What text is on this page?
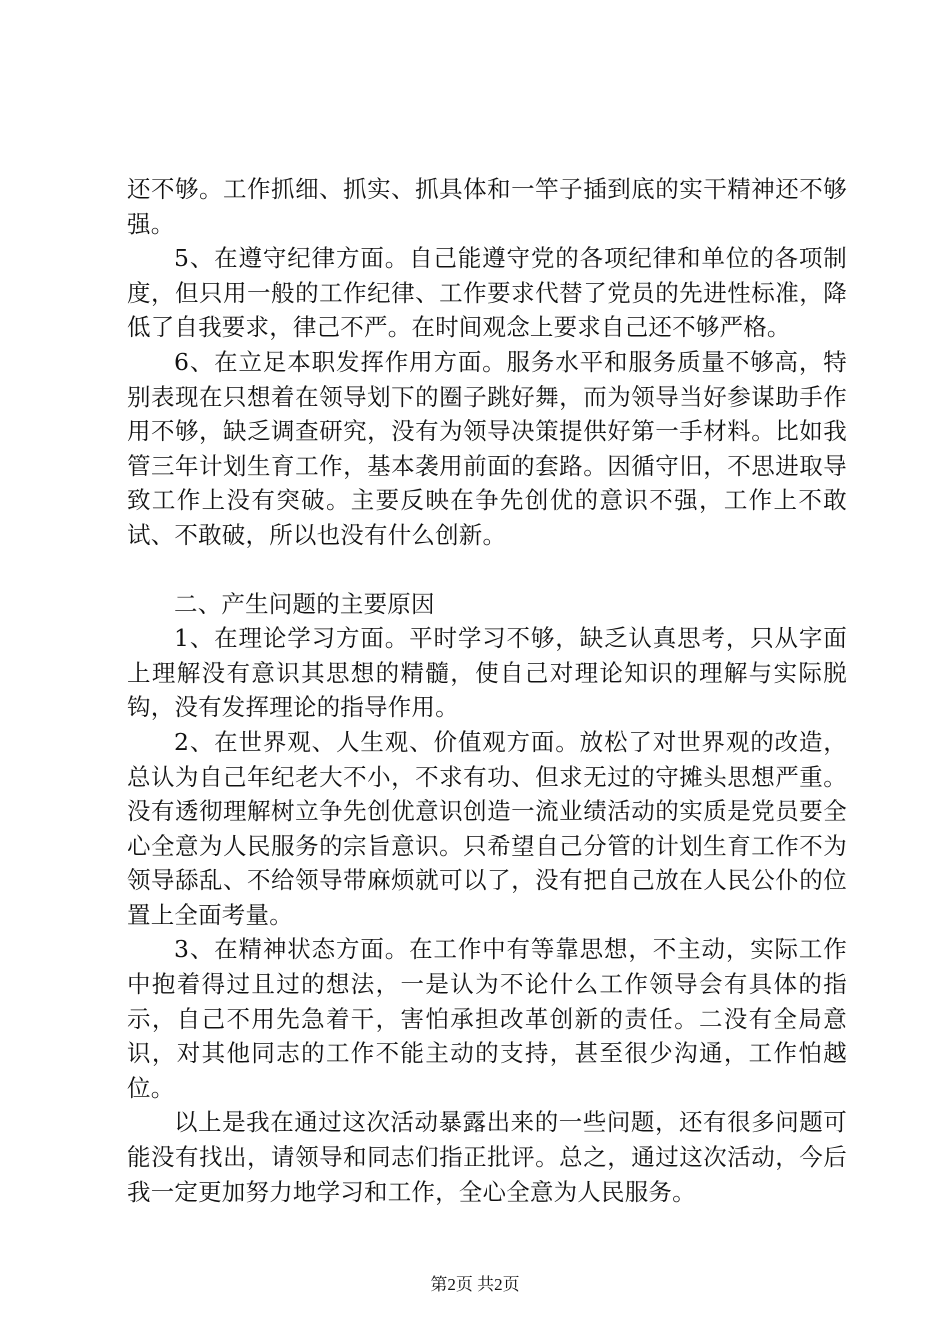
还不够。工作抓细、抓实、抓具体和一竿子插到底的实干精神还不够强。

5、在遵守纪律方面。自己能遵守党的各项纪律和单位的各项制度，但只用一般的工作纪律、工作要求代替了党员的先进性标准，降低了自我要求，律己不严。在时间观念上要求自己还不够严格。

6、在立足本职发挥作用方面。服务水平和服务质量不够高，特别表现在只想着在领导划下的圈子跳好舞，而为领导当好参谋助手作用不够，缺乏调查研究，没有为领导决策提供好第一手材料。比如我管三年计划生育工作，基本袭用前面的套路。因循守旧，不思进取导致工作上没有突破。主要反映在争先创优的意识不强，工作上不敢试、不敢破，所以也没有什么创新。

二、产生问题的主要原因

1、在理论学习方面。平时学习不够，缺乏认真思考，只从字面上理解没有意识其思想的精髓，使自己对理论知识的理解与实际脱钩，没有发挥理论的指导作用。

2、在世界观、人生观、价值观方面。放松了对世界观的改造，总认为自己年纪老大不小，不求有功、但求无过的守摊头思想严重。没有透彻理解树立争先创优意识创造一流业绩活动的实质是党员要全心全意为人民服务的宗旨意识。只希望自己分管的计划生育工作不为领导舔乱、不给领导带麻烦就可以了，没有把自己放在人民公仆的位置上全面考量。

3、在精神状态方面。在工作中有等靠思想，不主动，实际工作中抱着得过且过的想法，一是认为不论什么工作领导会有具体的指示，自己不用先急着干，害怕承担改革创新的责任。二没有全局意识，对其他同志的工作不能主动的支持，甚至很少沟通，工作怕越位。

以上是我在通过这次活动暴露出来的一些问题，还有很多问题可能没有找出，请领导和同志们指正批评。总之，通过这次活动，今后我一定更加努力地学习和工作，全心全意为人民服务。

第2页 共2页
